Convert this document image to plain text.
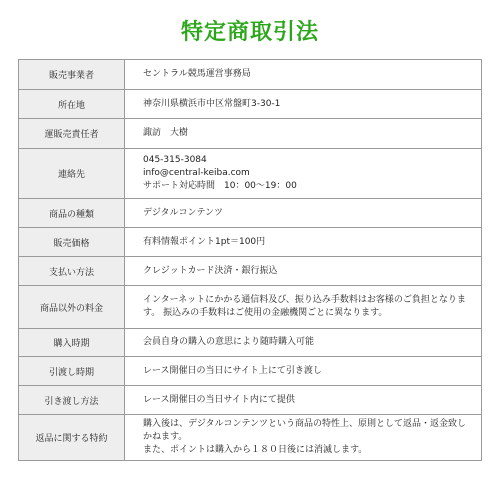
特定商取引法
販売事業者	セントラル競馬運営事務局

所在地	神奈川県横浜市中区常盤町3-30-1

運販売責任者	諏訪　大樹

連絡先	045-315-3084
info@central-keiba.com
サポート対応時間　10：00～19：00

商品の種類	デジタルコンテンツ

販売価格	有料情報ポイント1pt＝100円

支払い方法	クレジットカード決済・銀行振込

商品以外の料金	インターネットにかかる通信料及び、振り込み手数料はお客様のご負担となります。 振込みの手数料はご使用の金融機関ごとに異なります。

購入時期	会員自身の購入の意思により随時購入可能

引渡し時期	レース開催日の当日にサイト上にて引き渡し

引き渡し方法	レース開催日の当日サイト内にて提供

返品に関する特約	購入後は、デジタルコンテンツという商品の特性上、原則として返品・返金致しかねます。
また、ポイントは購入から１８０日後には消滅します。
